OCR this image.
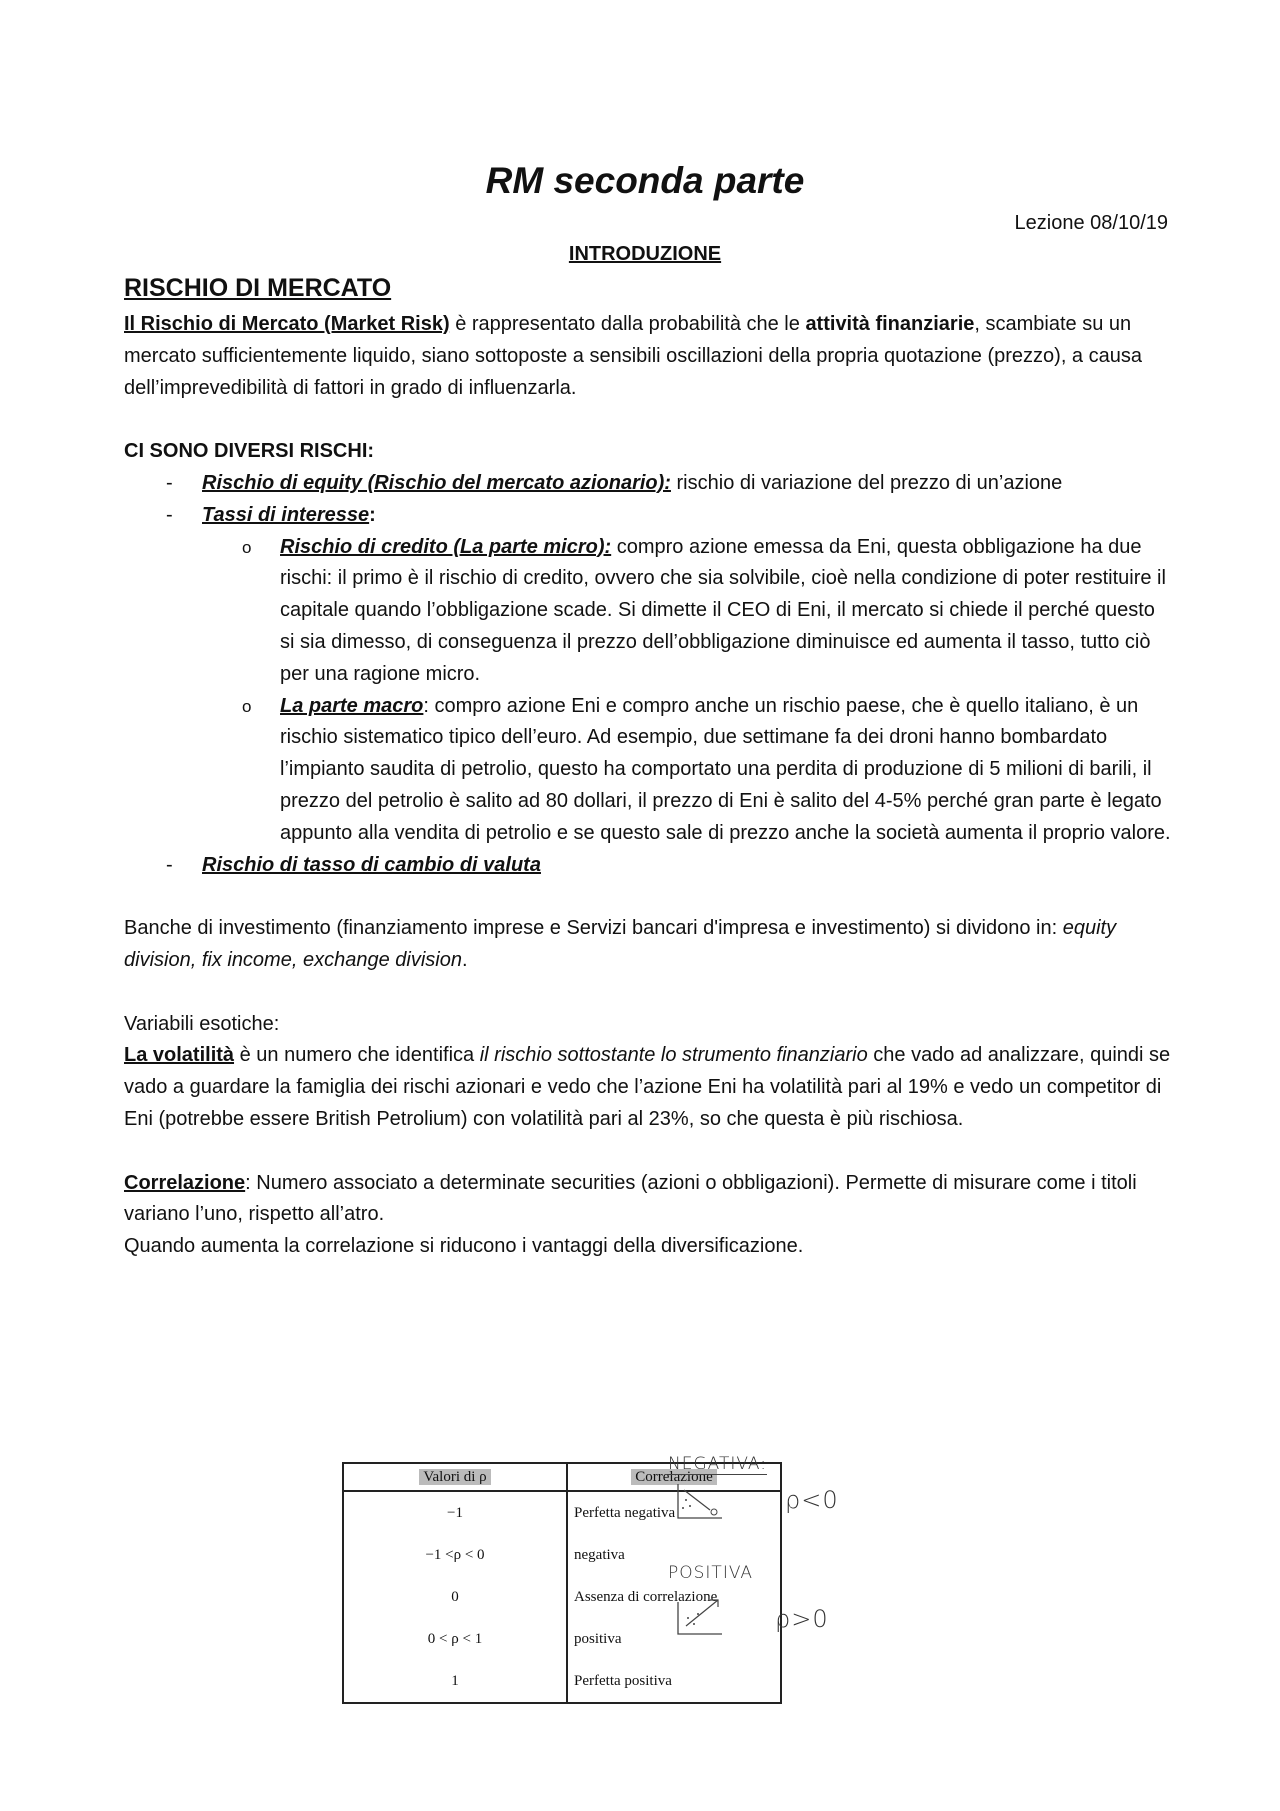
RM seconda parte
Lezione 08/10/19
INTRODUZIONE
RISCHIO DI MERCATO

Il Rischio di Mercato (Market Risk) è rappresentato dalla probabilità che le attività finanziarie, scambiate su un mercato sufficientemente liquido, siano sottoposte a sensibili oscillazioni della propria quotazione (prezzo), a causa dell’imprevedibilità di fattori in grado di influenzarla.

CI SONO DIVERSI RISCHI:

- Rischio di equity (Rischio del mercato azionario): rischio di variazione del prezzo di un’azione

- Tassi di interesse:

o Rischio di credito (La parte micro): compro azione emessa da Eni, questa obbligazione ha due rischi: il primo è il rischio di credito, ovvero che sia solvibile, cioè nella condizione di poter restituire il capitale quando l’obbligazione scade. Si dimette il CEO di Eni, il mercato si chiede il perché questo si sia dimesso, di conseguenza il prezzo dell’obbligazione diminuisce ed aumenta il tasso, tutto ciò per una ragione micro.

o La parte macro: compro azione Eni e compro anche un rischio paese, che è quello italiano, è un rischio sistematico tipico dell’euro. Ad esempio, due settimane fa dei droni hanno bombardato l’impianto saudita di petrolio, questo ha comportato una perdita di produzione di 5 milioni di barili, il prezzo del petrolio è salito ad 80 dollari, il prezzo di Eni è salito del 4-5% perché gran parte è legato appunto alla vendita di petrolio e se questo sale di prezzo anche la società aumenta il proprio valore.

- Rischio di tasso di cambio di valuta

Banche di investimento (finanziamento imprese e Servizi bancari d'impresa e investimento) si dividono in: equity division, fix income, exchange division.

Variabili esotiche:

La volatilità è un numero che identifica il rischio sottostante lo strumento finanziario che vado ad analizzare, quindi se vado a guardare la famiglia dei rischi azionari e vedo che l’azione Eni ha volatilità pari al 19% e vedo un competitor di Eni (potrebbe essere British Petrolium) con volatilità pari al 23%, so che questa è più rischiosa.

Correlazione: Numero associato a determinate securities (azioni o obbligazioni). Permette di misurare come i titoli variano l’uno, rispetto all’atro.

Quando aumenta la correlazione si riducono i vantaggi della diversificazione.

Valori di ρ	Correlazione
−1	Perfetta negativa
−1 <ρ < 0	negativa
0	Assenza di correlazione
0 < ρ < 1	positiva
1	Perfetta positiva
NEGATIVA:
ρ<0
POSITIVA
ρ>0
